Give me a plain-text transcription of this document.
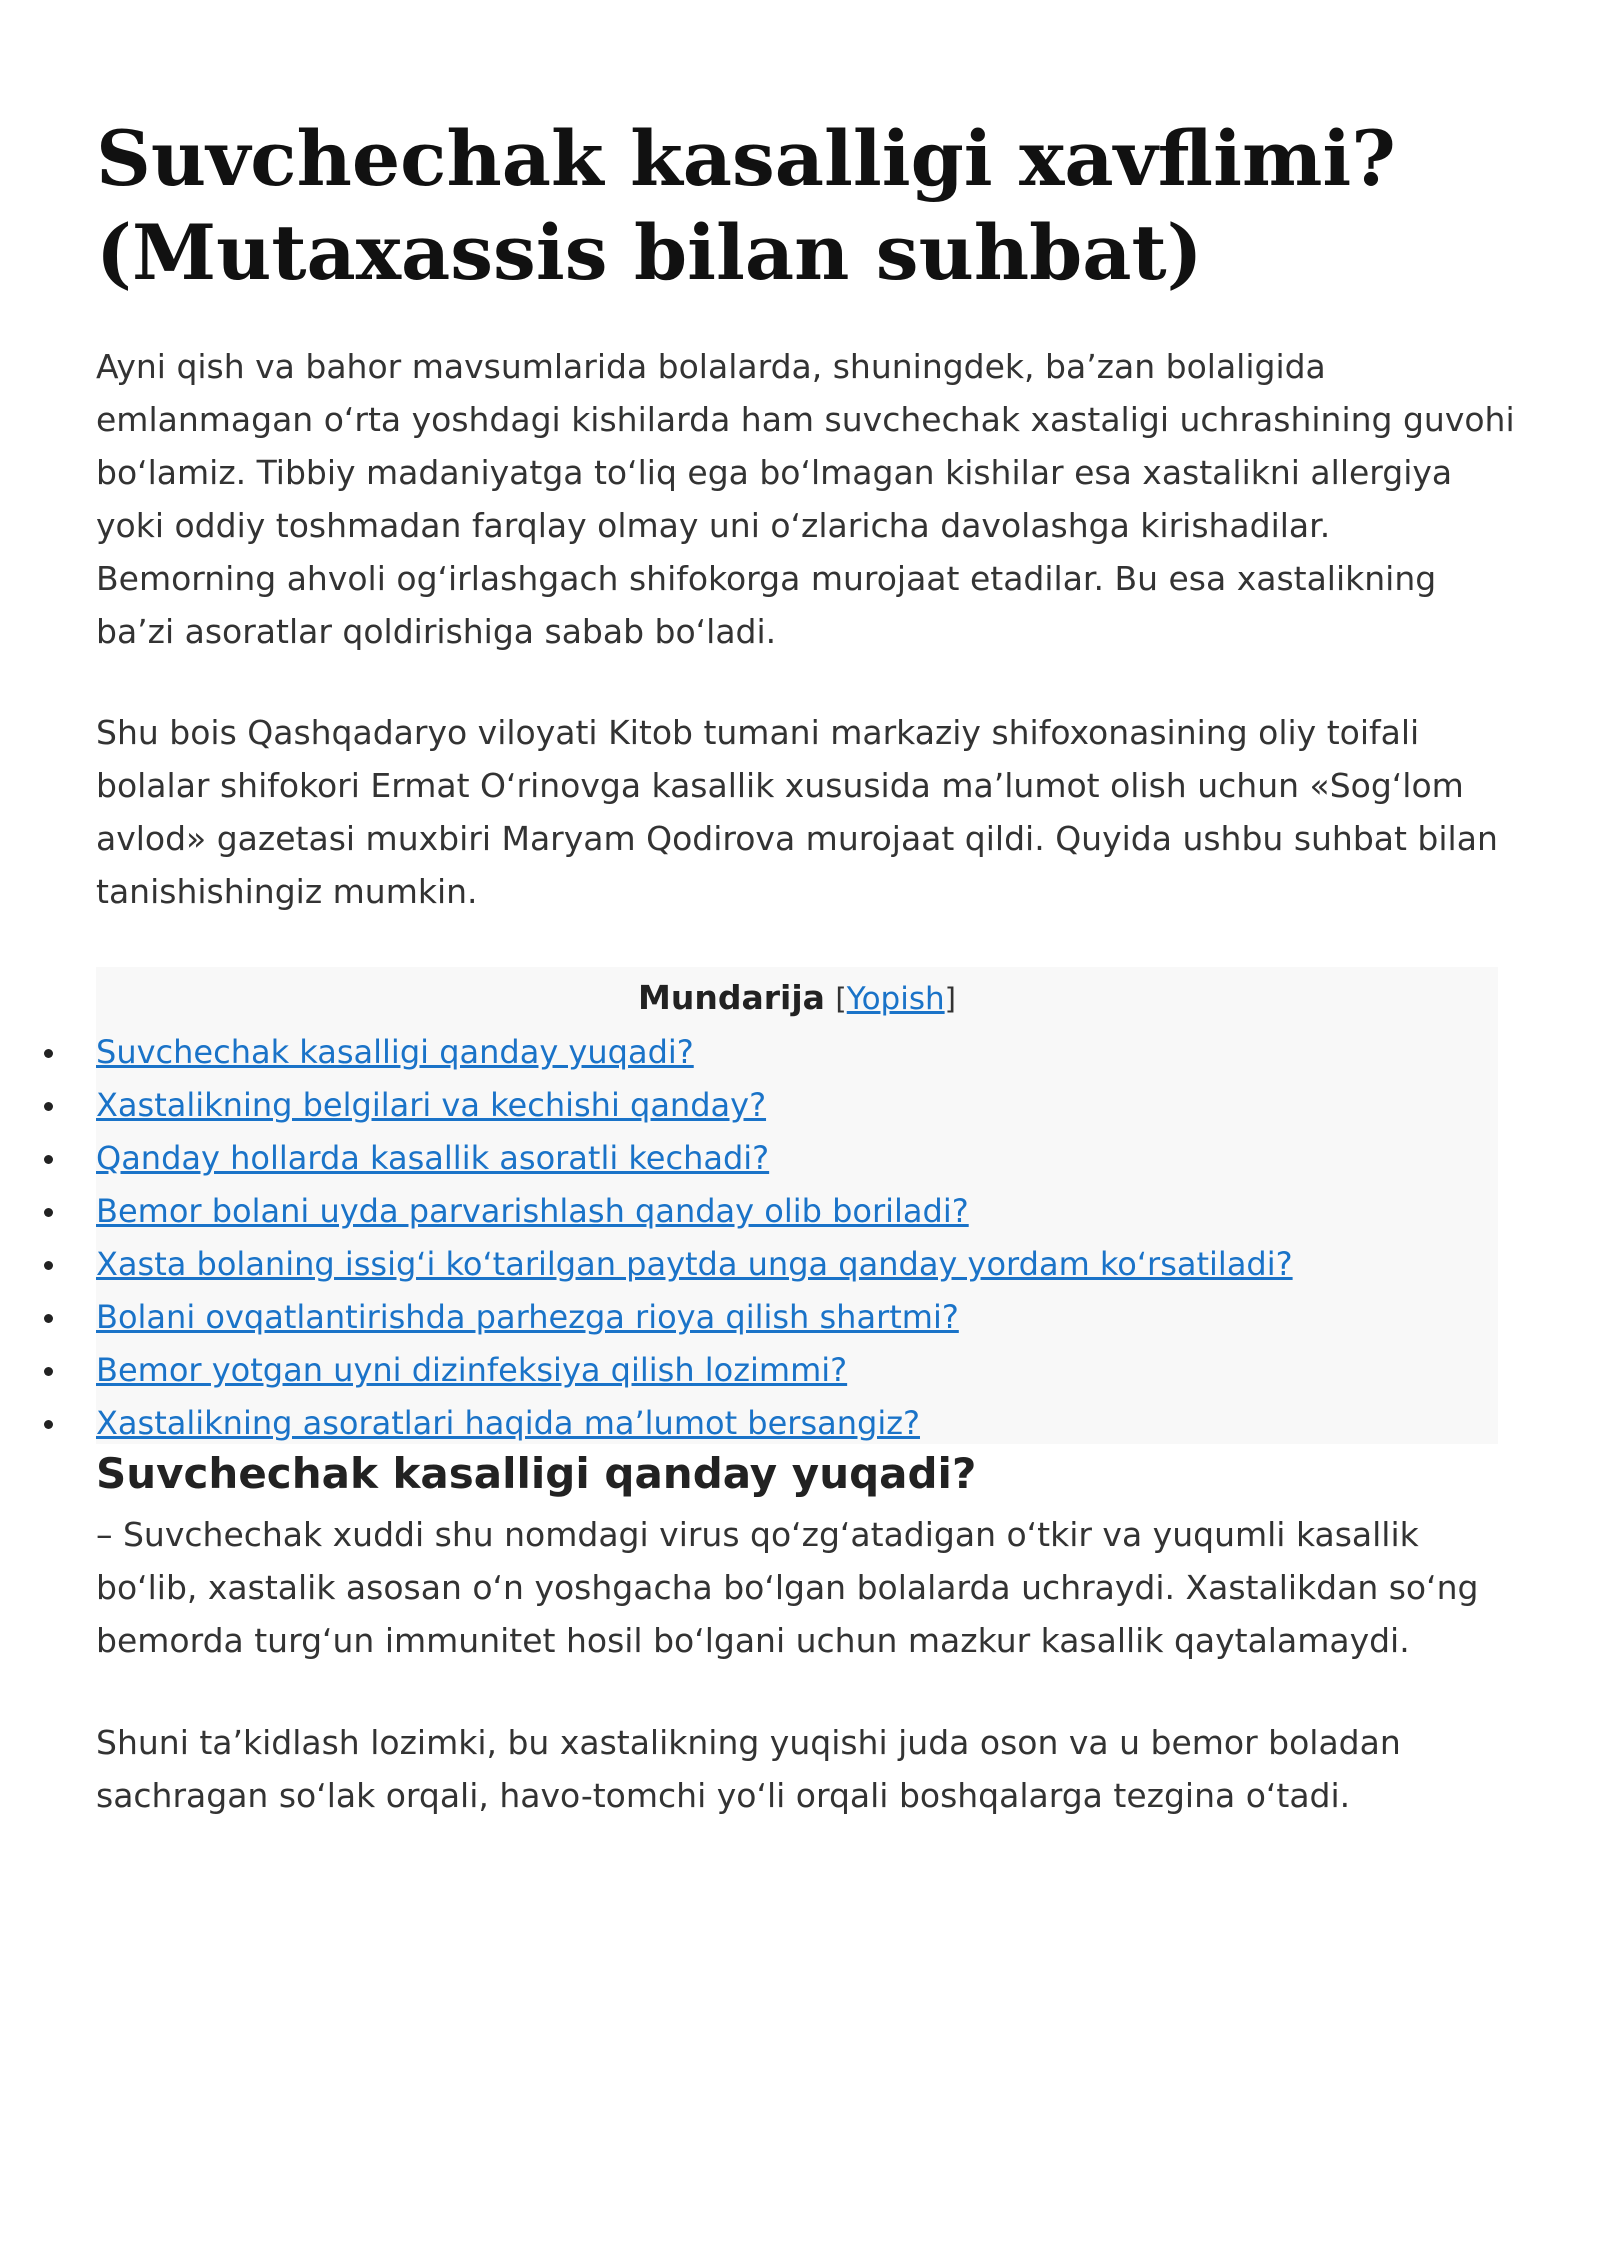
Suvchechak kasalligi xavflimi? (Mutaxassis bilan suhbat)

Ayni qish va bahor mavsumlarida bolalarda, shuningdek, ba’zan bolaligida emlanmagan o‘rta yoshdagi kishilarda ham suvchechak xastaligi uchrashining guvohi bo‘lamiz. Tibbiy madaniyatga to‘liq ega bo‘lmagan kishilar esa xastalikni allergiya yoki oddiy toshmadan farqlay olmay uni o‘zlaricha davolashga kirishadilar. Bemorning ahvoli og‘irlashgach shifokorga murojaat etadilar. Bu esa xastalikning ba’zi asoratlar qoldirishiga sabab bo‘ladi.

Shu bois Qashqadaryo viloyati Kitob tumani markaziy shifoxonasining oliy toifali bolalar shifokori Ermat O‘rinovga kasallik xususida ma’lumot olish uchun «Sog‘lom avlod» gazetasi muxbiri Maryam Qodirova murojaat qildi. Quyida ushbu suhbat bilan tanishishingiz mumkin.

Mundarija [Yopish]
Suvchechak kasalligi qanday yuqadi?
Xastalikning belgilari va kechishi qanday?
Qanday hollarda kasallik asoratli kechadi?
Bemor bolani uyda parvarishlash qanday olib boriladi?
Xasta bolaning issig‘i ko‘tarilgan paytda unga qanday yordam ko‘rsatiladi?
Bolani ovqatlantirishda parhezga rioya qilish shartmi?
Bemor yotgan uyni dizinfeksiya qilish lozimmi?
Xastalikning asoratlari haqida ma’lumot bersangiz?
Suvchechak kasalligi qanday yuqadi?

– Suvchechak xuddi shu nomdagi virus qo‘zg‘atadigan o‘tkir va yuqumli kasallik bo‘lib, xastalik asosan o‘n yoshgacha bo‘lgan bolalarda uchraydi. Xastalikdan so‘ng bemorda turg‘un immunitet hosil bo‘lgani uchun mazkur kasallik qaytalamaydi.

Shuni ta’kidlash lozimki, bu xastalikning yuqishi juda oson va u bemor boladan sachragan so‘lak orqali, havo-tomchi yo‘li orqali boshqalarga tezgina o‘tadi.
